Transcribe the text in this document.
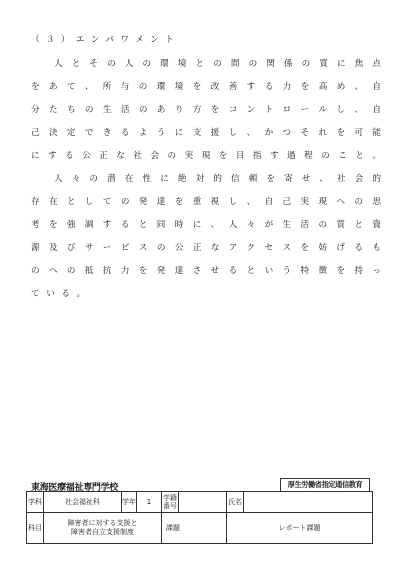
（３）エンパワメント
人とその人の環境との間の関係の質に焦点
をあて、所与の環境を改善する力を高め、自
分たちの生活のあり方をコントロールし、自
己決定できるように支援し、かつそれを可能
にする公正な社会の実現を目指す過程のこと。
人々の潜在性に絶対的信頼を寄せ、社会的
存在としての発達を重視し、自己実現への思
考を強調すると同時に、人々が生活の質と資
源及びサービスの公正なアクセスを妨げるも
のへの抵抗力を発達させるという特徴を持っ
ている。
東海医療福祉専門学校	厚生労働省指定通信教育
学科	社会福祉科	学年	1	学籍番号		氏名	
科目	障害者に対する支援と
障害者自立支援制度			課題		レポート課題	
